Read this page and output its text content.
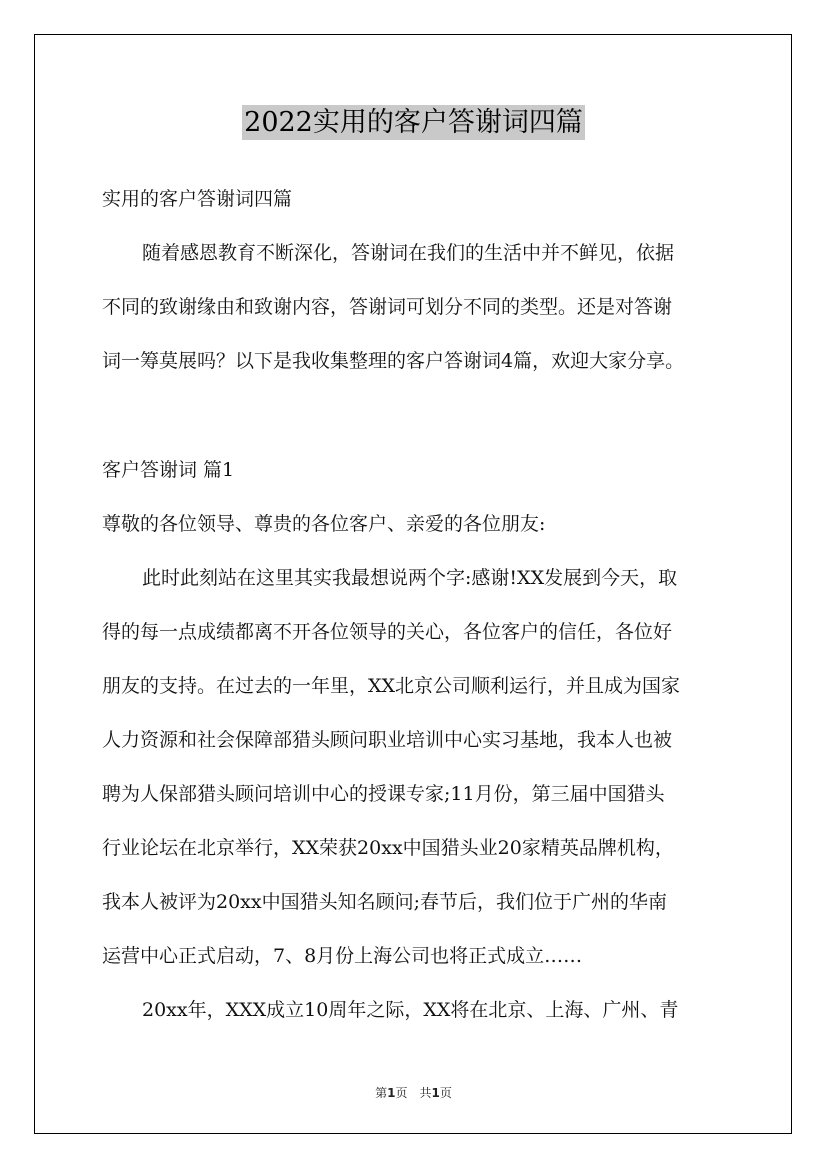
2022实用的客户答谢词四篇

实用的客户答谢词四篇

随着感恩教育不断深化，答谢词在我们的生活中并不鲜见，依据

不同的致谢缘由和致谢内容，答谢词可划分不同的类型。还是对答谢

词一筹莫展吗？以下是我收集整理的客户答谢词4篇，欢迎大家分享。

客户答谢词 篇1

尊敬的各位领导、尊贵的各位客户、亲爱的各位朋友:

此时此刻站在这里其实我最想说两个字:感谢!XX发展到今天，取

得的每一点成绩都离不开各位领导的关心，各位客户的信任，各位好

朋友的支持。在过去的一年里，XX北京公司顺利运行，并且成为国家

人力资源和社会保障部猎头顾问职业培训中心实习基地，我本人也被

聘为人保部猎头顾问培训中心的授课专家;11月份，第三届中国猎头

行业论坛在北京举行，XX荣获20xx中国猎头业20家精英品牌机构，

我本人被评为20xx中国猎头知名顾问;春节后，我们位于广州的华南

运营中心正式启动，7、8月份上海公司也将正式成立……

20xx年，XXX成立10周年之际，XX将在北京、上海、广州、青

第1页 共1页
